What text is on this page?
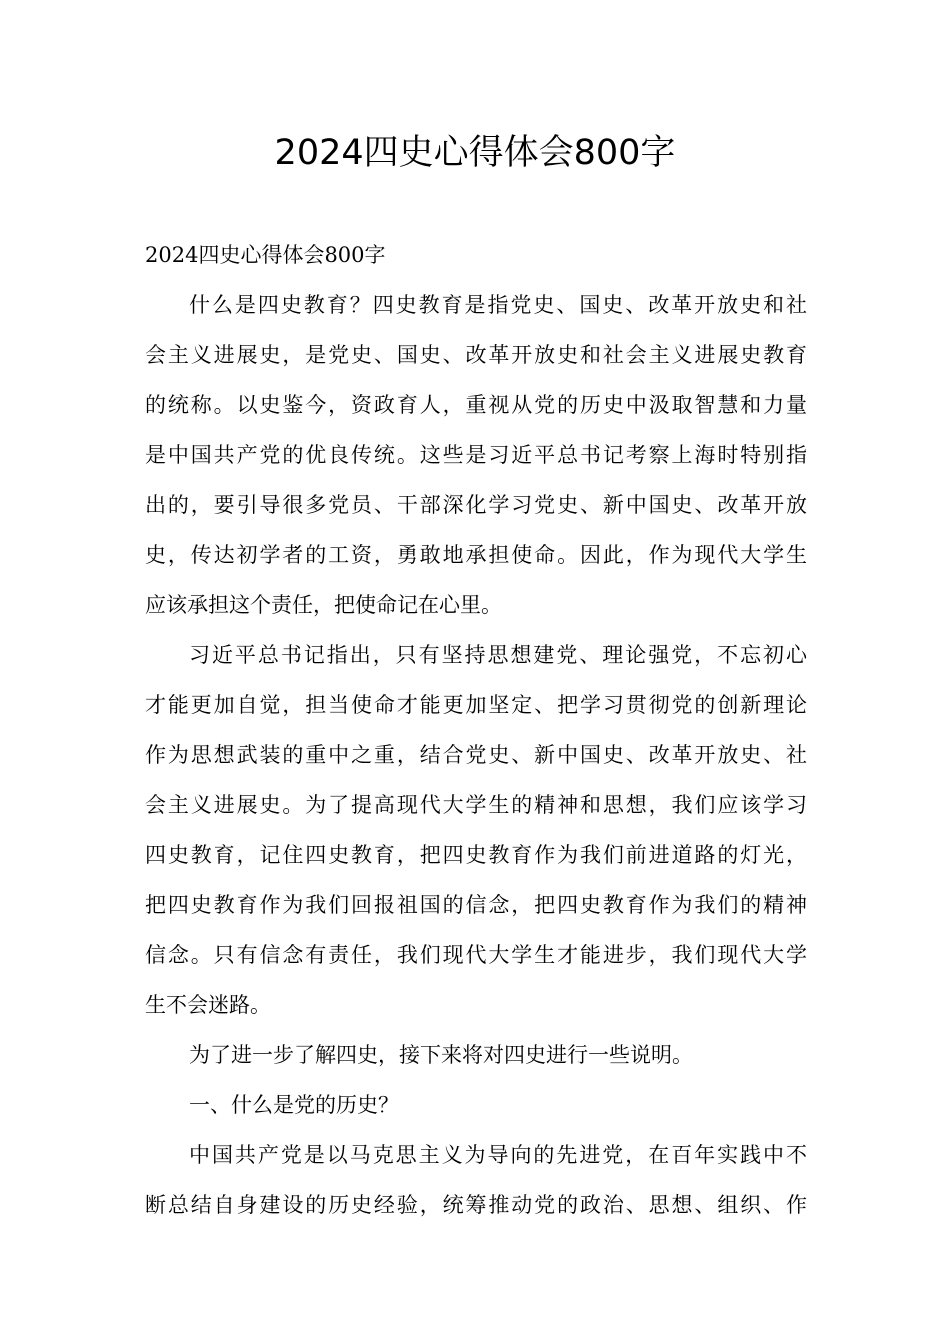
2024四史心得体会800字
2024四史心得体会800字
什么是四史教育？四史教育是指党史、国史、改革开放史和社
会主义进展史，是党史、国史、改革开放史和社会主义进展史教育
的统称。以史鉴今，资政育人，重视从党的历史中汲取智慧和力量
是中国共产党的优良传统。这些是习近平总书记考察上海时特别指
出的，要引导很多党员、干部深化学习党史、新中国史、改革开放
史，传达初学者的工资，勇敢地承担使命。因此，作为现代大学生
应该承担这个责任，把使命记在心里。
习近平总书记指出，只有坚持思想建党、理论强党，不忘初心
才能更加自觉，担当使命才能更加坚定、把学习贯彻党的创新理论
作为思想武装的重中之重，结合党史、新中国史、改革开放史、社
会主义进展史。为了提高现代大学生的精神和思想，我们应该学习
四史教育，记住四史教育，把四史教育作为我们前进道路的灯光，
把四史教育作为我们回报祖国的信念，把四史教育作为我们的精神
信念。只有信念有责任，我们现代大学生才能进步，我们现代大学
生不会迷路。
为了进一步了解四史，接下来将对四史进行一些说明。
一、什么是党的历史？
中国共产党是以马克思主义为导向的先进党，在百年实践中不
断总结自身建设的历史经验，统筹推动党的政治、思想、组织、作
